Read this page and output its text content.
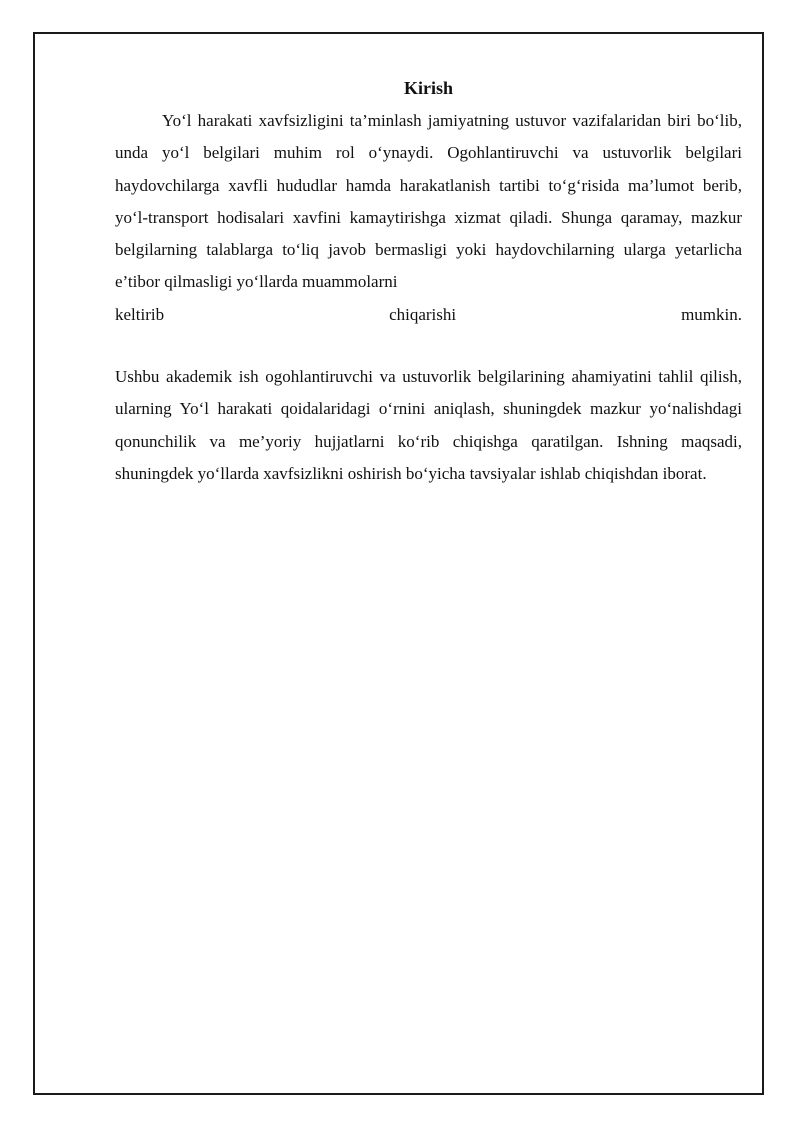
Kirish

Yo‘l harakati xavfsizligini ta’minlash jamiyatning ustuvor vazifalaridan biri bo‘lib, unda yo‘l belgilari muhim rol o‘ynaydi. Ogohlantiruvchi va ustuvorlik belgilari haydovchilarga xavfli hududlar hamda harakatlanish tartibi to‘g‘risida ma’lumot berib, yo‘l-transport hodisalari xavfini kamaytirishga xizmat qiladi. Shunga qaramay, mazkur belgilarning talablarga to‘liq javob bermasligi yoki haydovchilarning ularga yetarlicha e’tibor qilmasligi yo‘llarda muammolarni

keltirib	chiqarishi	mumkin.

Ushbu akademik ish ogohlantiruvchi va ustuvorlik belgilarining ahamiyatini tahlil qilish, ularning Yo‘l harakati qoidalaridagi o‘rnini aniqlash, shuningdek mazkur yo‘nalishdagi qonunchilik va me’yoriy hujjatlarni ko‘rib chiqishga qaratilgan. Ishning maqsadi, shuningdek yo‘llarda xavfsizlikni oshirish bo‘yicha tavsiyalar ishlab chiqishdan iborat.
